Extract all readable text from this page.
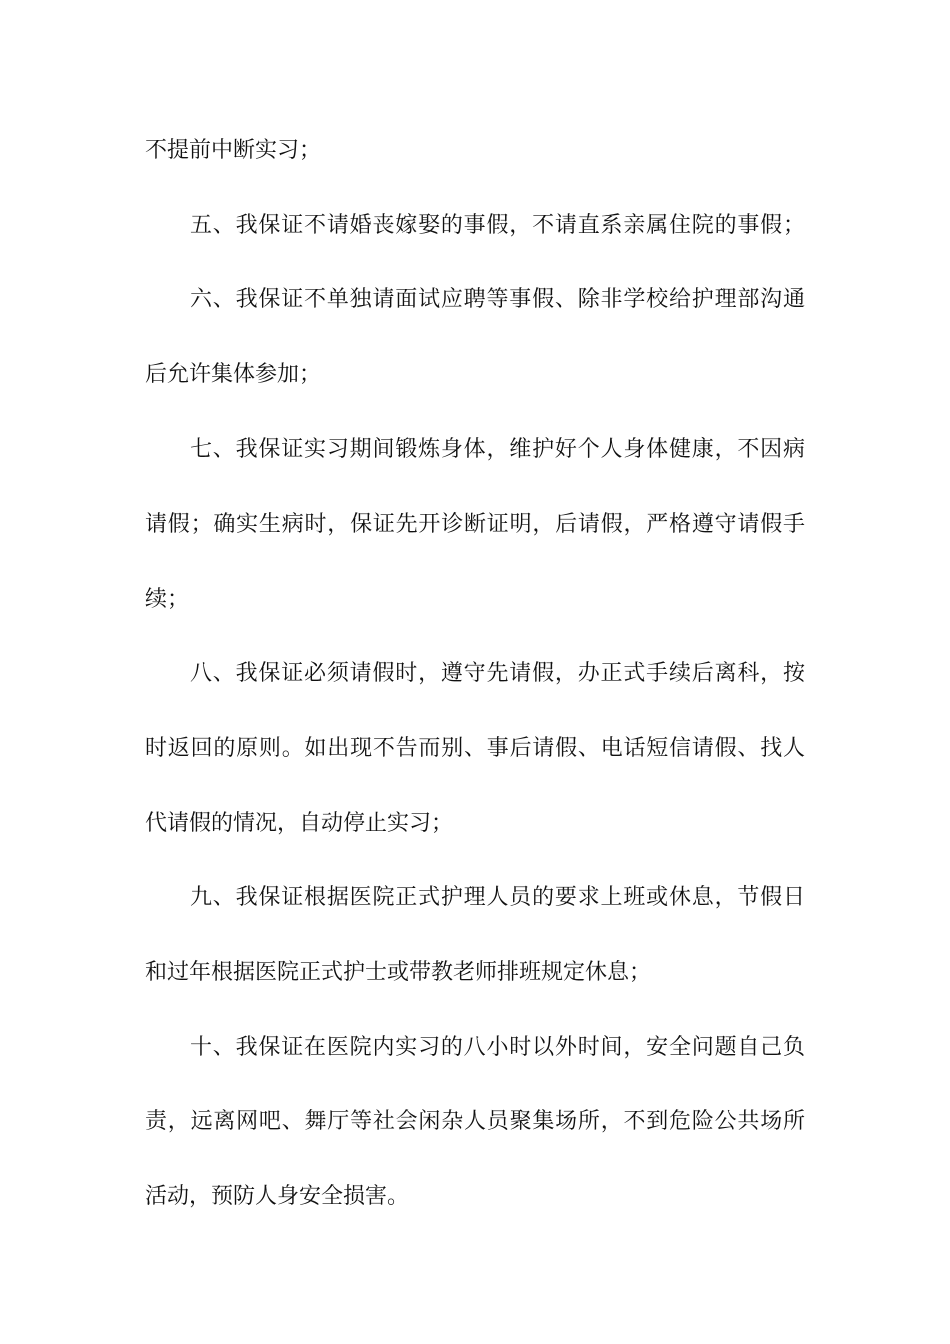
不提前中断实习；
五、我保证不请婚丧嫁娶的事假，不请直系亲属住院的事假；
六、我保证不单独请面试应聘等事假、除非学校给护理部沟通
后允许集体参加；
七、我保证实习期间锻炼身体，维护好个人身体健康，不因病
请假；确实生病时，保证先开诊断证明，后请假，严格遵守请假手
续；
八、我保证必须请假时，遵守先请假，办正式手续后离科，按
时返回的原则。如出现不告而别、事后请假、电话短信请假、找人
代请假的情况，自动停止实习；
九、我保证根据医院正式护理人员的要求上班或休息，节假日
和过年根据医院正式护士或带教老师排班规定休息；
十、我保证在医院内实习的八小时以外时间，安全问题自己负
责，远离网吧、舞厅等社会闲杂人员聚集场所，不到危险公共场所
活动，预防人身安全损害。
